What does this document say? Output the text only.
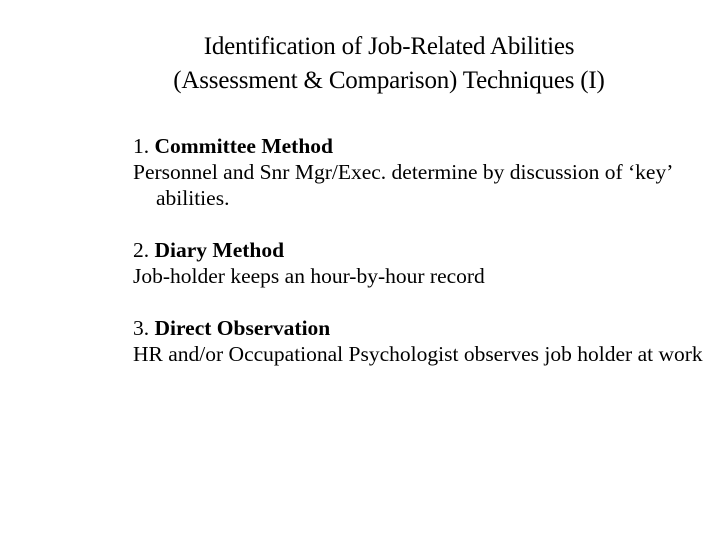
Identification of Job-Related Abilities
(Assessment & Comparison) Techniques (I)
1. Committee Method
Personnel and Snr Mgr/Exec. determine by discussion of ‘key’ abilities.
2. Diary Method
Job-holder keeps an hour-by-hour record
3. Direct Observation
HR and/or Occupational Psychologist observes job holder at work
